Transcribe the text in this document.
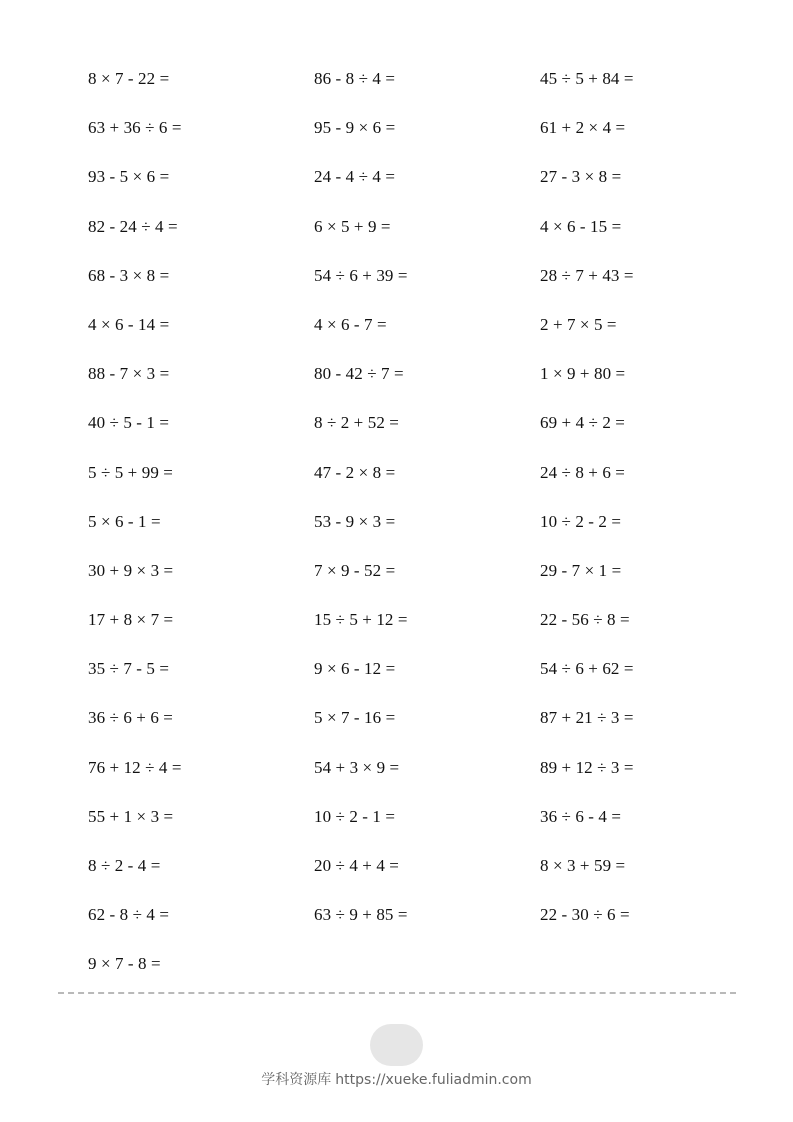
8 × 7 - 22 =	86 - 8 ÷ 4 =	45 ÷ 5 + 84 =
63 + 36 ÷ 6 =	95 - 9 × 6 =	61 + 2 × 4 =
93 - 5 × 6 =	24 - 4 ÷ 4 =	27 - 3 × 8 =
82 - 24 ÷ 4 =	6 × 5 + 9 =	4 × 6 - 15 =
68 - 3 × 8 =	54 ÷ 6 + 39 =	28 ÷ 7 + 43 =
4 × 6 - 14 =	4 × 6 - 7 =	2 + 7 × 5 =
88 - 7 × 3 =	80 - 42 ÷ 7 =	1 × 9 + 80 =
40 ÷ 5 - 1 =	8 ÷ 2 + 52 =	69 + 4 ÷ 2 =
5 ÷ 5 + 99 =	47 - 2 × 8 =	24 ÷ 8 + 6 =
5 × 6 - 1 =	53 - 9 × 3 =	10 ÷ 2 - 2 =
30 + 9 × 3 =	7 × 9 - 52 =	29 - 7 × 1 =
17 + 8 × 7 =	15 ÷ 5 + 12 =	22 - 56 ÷ 8 =
35 ÷ 7 - 5 =	9 × 6 - 12 =	54 ÷ 6 + 62 =
36 ÷ 6 + 6 =	5 × 7 - 16 =	87 + 21 ÷ 3 =
76 + 12 ÷ 4 =	54 + 3 × 9 =	89 + 12 ÷ 3 =
55 + 1 × 3 =	10 ÷ 2 - 1 =	36 ÷ 6 - 4 =
8 ÷ 2 - 4 =	20 ÷ 4 + 4 =	8 × 3 + 59 =
62 - 8 ÷ 4 =	63 ÷ 9 + 85 =	22 - 30 ÷ 6 =
9 × 7 - 8 =
学科资源库 https://xueke.fuliadmin.com
